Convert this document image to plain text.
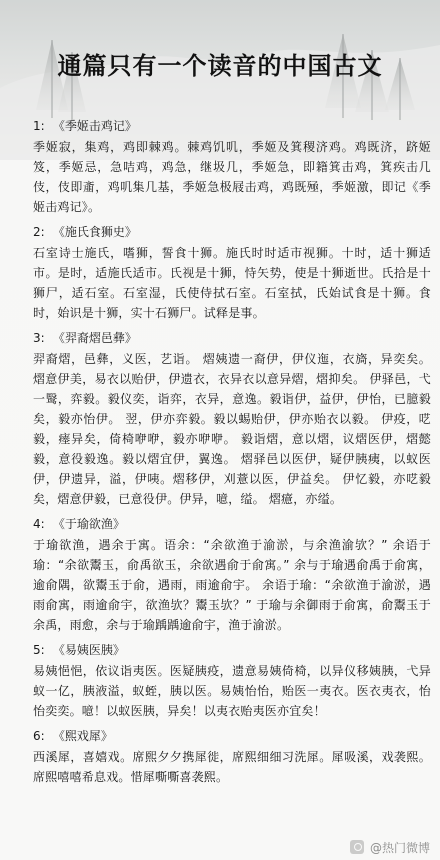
通篇只有一个读音的中国古文
1: 《季姬击鸡记》
季姬寂，集鸡，鸡即棘鸡。棘鸡饥叽，季姬及箕稷济鸡。鸡既济，跻姬笈，季姬忌，急咭鸡，鸡急，继圾几，季姬急，即籍箕击鸡，箕疾击几伎，伎即齑，鸡叽集几基，季姬急极屐击鸡，鸡既殛，季姬激，即记《季姬击鸡记》。
2: 《施氏食狮史》
石室诗士施氏，嗜狮，誓食十狮。施氏时时适市视狮。十时，适十狮适市。是时，适施氏适市。氏视是十狮，恃矢势，使是十狮逝世。氏拾是十狮尸，适石室。石室湿，氏使侍拭石室。石室拭，氏始试食是十狮。食时，始识是十狮，实十石狮尸。试释是事。
3: 《羿裔熠邑彝》
羿裔熠，邑彝，义医，艺诣。 熠姨遗一裔伊，伊仪迤，衣旖，异奕矣。 熠意伊美，易衣以贻伊，伊遗衣，衣异衣以意异熠，熠抑矣。 伊驿邑，弋一鹥，弈毅。毅仪奕，诣弈，衣异，意逸。毅诣伊，益伊，伊怡，已臆毅矣，毅亦怡伊。 翌，伊亦弈毅。毅以蜴贻伊，伊亦贻衣以毅。 伊疫，呓毅，瘗异矣，倚椅咿咿，毅亦咿咿。 毅诣熠，意以熠，议熠医伊，熠懿毅，意役毅逸。毅以熠宜伊，翼逸。 熠驿邑以医伊，疑伊胰痍，以蚁医伊，伊遗异，溢，伊咦。熠移伊，刈薏以医，伊益矣。 伊忆毅，亦呓毅矣，熠意伊毅，已意役伊。伊异，噫，缢。 熠癔，亦缢。
4: 《于瑜欲渔》
于瑜欲渔，遇余于寓。语余：“余欲渔于渝淤，与余渔渝欤？” 余语于瑜：“余欲鬻玉，俞禹欲玉，余欲遇俞于俞寓。” 余与于瑜遇俞禹于俞寓，逾俞隅，欲鬻玉于俞，遇雨，雨逾俞宇。 余语于瑜：“余欲渔于渝淤，遇雨俞寓，雨逾俞宇，欲渔欤？鬻玉欤？” 于瑜与余御雨于俞寓，俞鬻玉于余禹，雨愈，余与于瑜踽踽逾俞宇，渔于渝淤。
5: 《易姨医胰》
易姨悒悒，依议诣夷医。医疑胰疫，遗意易姨倚椅，以异仪移姨胰，弋异蚁一亿，胰液溢，蚁蛭，胰以医。易姨怡怡，贻医一夷衣。医衣夷衣，怡怡奕奕。噫！以蚁医胰，异矣！以夷衣贻夷医亦宜矣！
6: 《熙戏犀》
西溪犀，喜嬉戏。席熙夕夕携犀徙，席熙细细习洗犀。犀吸溪，戏袭熙。席熙嘻嘻希息戏。惜犀嘶嘶喜袭熙。
@热门微博
